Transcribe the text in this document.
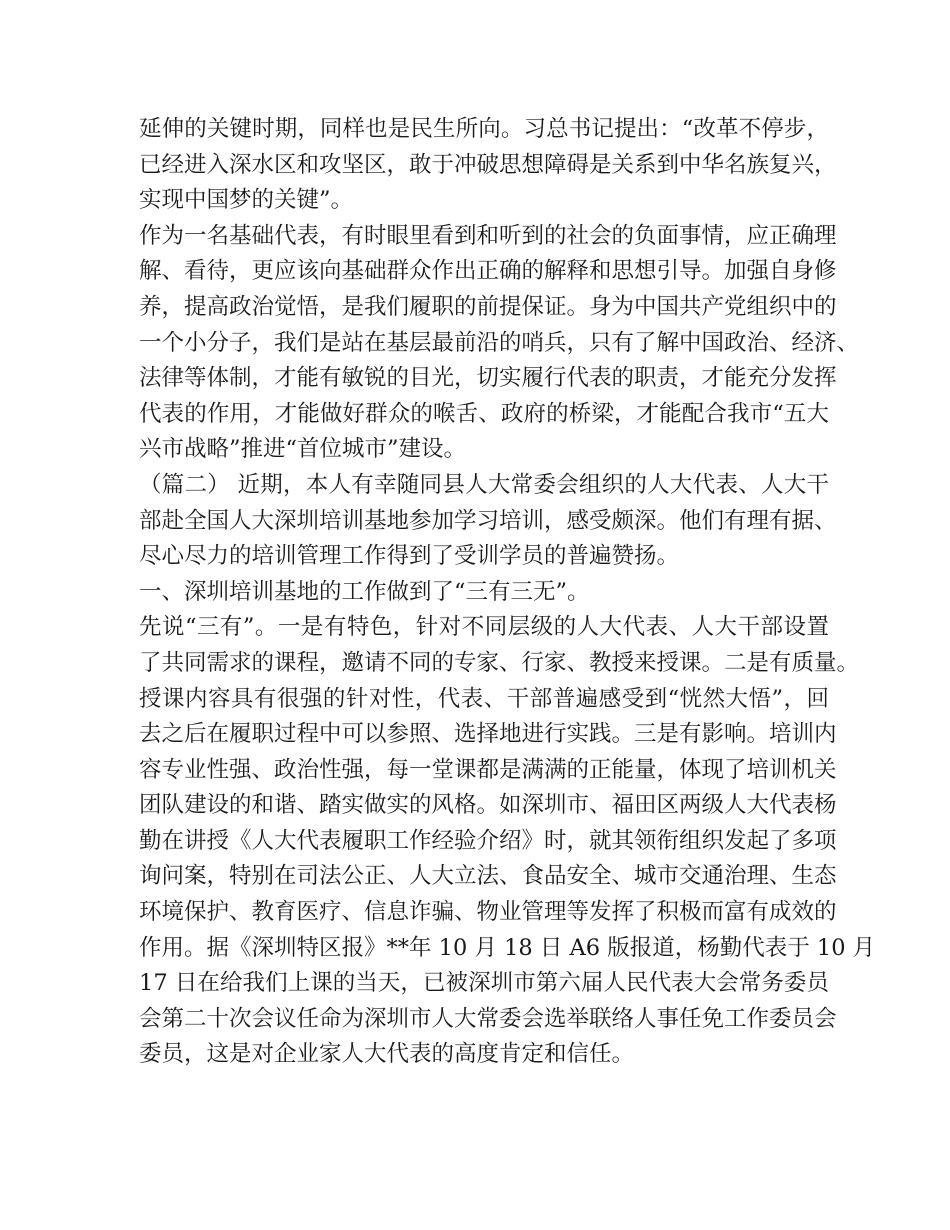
延伸的关键时期，同样也是民生所向。习总书记提出：“改革不停步，
已经进入深水区和攻坚区，敢于冲破思想障碍是关系到中华名族复兴，
实现中国梦的关键”。
作为一名基础代表，有时眼里看到和听到的社会的负面事情，应正确理
解、看待，更应该向基础群众作出正确的解释和思想引导。加强自身修
养，提高政治觉悟，是我们履职的前提保证。身为中国共产党组织中的
一个小分子，我们是站在基层最前沿的哨兵，只有了解中国政治、经济、
法律等体制，才能有敏锐的目光，切实履行代表的职责，才能充分发挥
代表的作用，才能做好群众的喉舌、政府的桥梁，才能配合我市“五大
兴市战略”推进“首位城市”建设。
（篇二） 近期，本人有幸随同县人大常委会组织的人大代表、人大干
部赴全国人大深圳培训基地参加学习培训，感受颇深。他们有理有据、
尽心尽力的培训管理工作得到了受训学员的普遍赞扬。
一、深圳培训基地的工作做到了“三有三无”。
先说“三有”。一是有特色，针对不同层级的人大代表、人大干部设置
了共同需求的课程，邀请不同的专家、行家、教授来授课。二是有质量。
授课内容具有很强的针对性，代表、干部普遍感受到“恍然大悟”，回
去之后在履职过程中可以参照、选择地进行实践。三是有影响。培训内
容专业性强、政治性强，每一堂课都是满满的正能量，体现了培训机关
团队建设的和谐、踏实做实的风格。如深圳市、福田区两级人大代表杨
勤在讲授《人大代表履职工作经验介绍》时，就其领衔组织发起了多项
询问案，特别在司法公正、人大立法、食品安全、城市交通治理、生态
环境保护、教育医疗、信息诈骗、物业管理等发挥了积极而富有成效的
作用。据《深圳特区报》**年 10 月 18 日 A6 版报道，杨勤代表于 10 月
17 日在给我们上课的当天，已被深圳市第六届人民代表大会常务委员
会第二十次会议任命为深圳市人大常委会选举联络人事任免工作委员会
委员，这是对企业家人大代表的高度肯定和信任。
